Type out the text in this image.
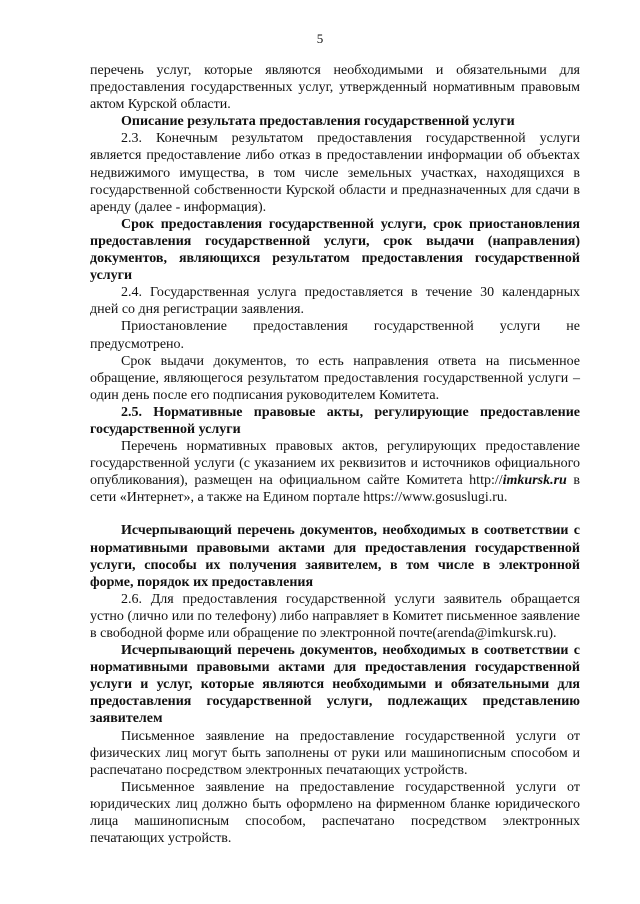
5

перечень услуг, которые являются необходимыми и обязательными для предоставления государственных услуг, утвержденный нормативным правовым актом Курской области.

Описание результата предоставления государственной услуги

2.3. Конечным результатом предоставления государственной услуги является предоставление либо отказ в предоставлении информации об объектах недвижимого имущества, в том числе земельных участках, находящихся в государственной собственности Курской области и предназначенных для сдачи в аренду (далее - информация).

Срок предоставления государственной услуги, срок приостановления предоставления государственной услуги, срок выдачи (направления) документов, являющихся результатом предоставления государственной услуги

2.4. Государственная услуга предоставляется в течение 30 календарных дней со дня регистрации заявления.

Приостановление предоставления государственной услуги не предусмотрено.

Срок выдачи документов, то есть направления ответа на письменное обращение, являющегося результатом предоставления государственной услуги – один день после его подписания руководителем Комитета.

2.5. Нормативные правовые акты, регулирующие предоставление государственной услуги

Перечень нормативных правовых актов, регулирующих предоставление государственной услуги (с указанием их реквизитов и источников официального опубликования), размещен на официальном сайте Комитета http://imkursk.ru в сети «Интернет», а также на Едином портале https://www.gosuslugi.ru.

Исчерпывающий перечень документов, необходимых в соответствии с нормативными правовыми актами для предоставления государственной услуги, способы их получения заявителем, в том числе в электронной форме, порядок их предоставления

2.6. Для предоставления государственной услуги заявитель обращается устно (лично или по телефону) либо направляет в Комитет письменное заявление в свободной форме или обращение по электронной почте(arenda@imkursk.ru).

Исчерпывающий перечень документов, необходимых в соответствии с нормативными правовыми актами для предоставления государственной услуги и услуг, которые являются необходимыми и обязательными для предоставления государственной услуги, подлежащих представлению заявителем

Письменное заявление на предоставление государственной услуги от физических лиц могут быть заполнены от руки или машинописным способом и распечатано посредством электронных печатающих устройств.

Письменное заявление на предоставление государственной услуги от юридических лиц должно быть оформлено на фирменном бланке юридического лица машинописным способом, распечатано посредством электронных печатающих устройств.
